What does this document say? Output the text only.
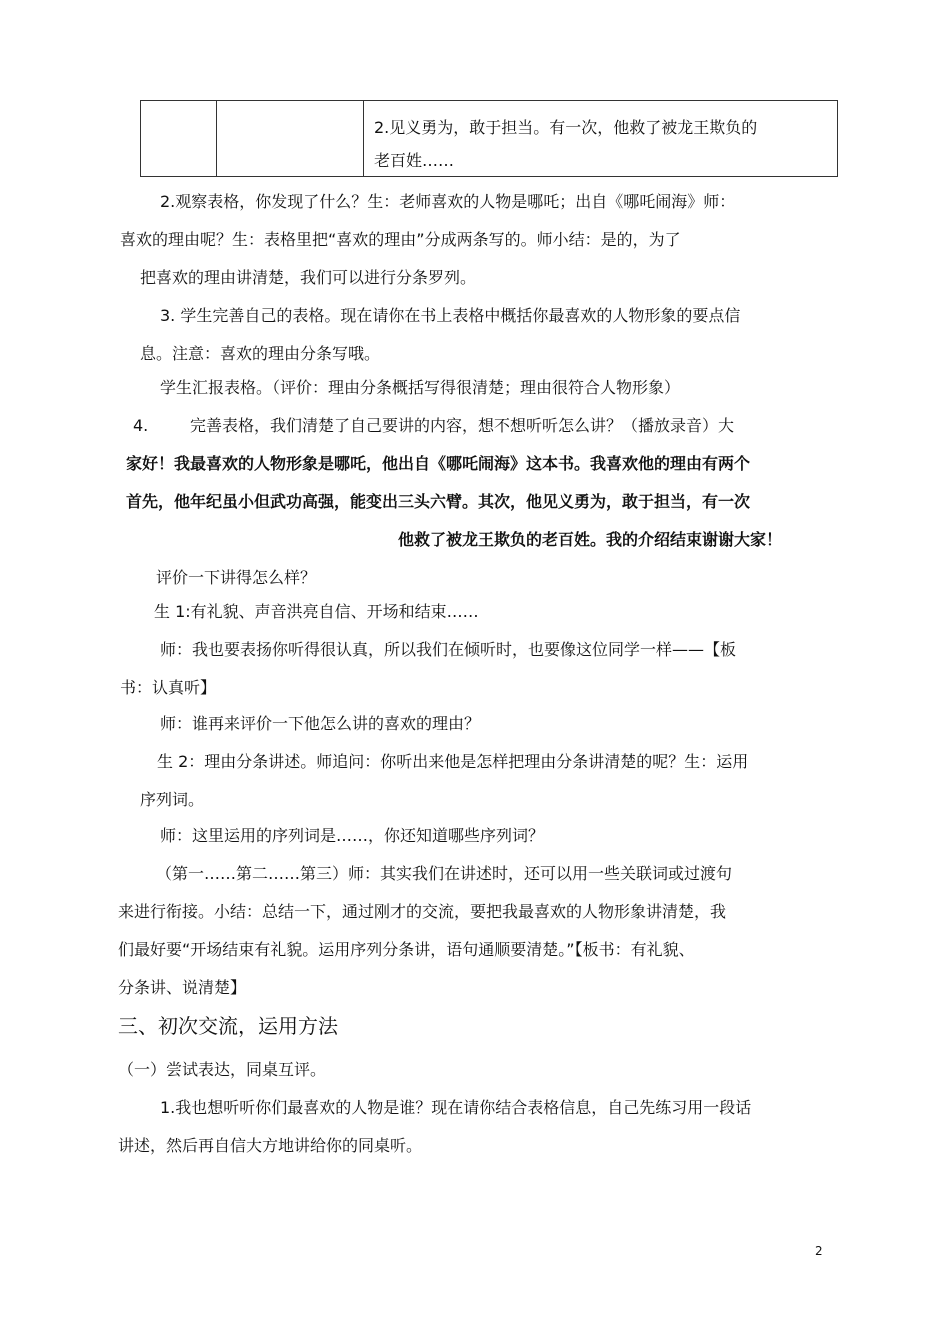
2.见义勇为，敢于担当。有一次，他救了被龙王欺负的
老百姓……
2.观察表格，你发现了什么？生：老师喜欢的人物是哪吒；出自《哪吒闹海》师：
喜欢的理由呢？生：表格里把“喜欢的理由”分成两条写的。师小结：是的，为了
把喜欢的理由讲清楚，我们可以进行分条罗列。
3. 学生完善自己的表格。现在请你在书上表格中概括你最喜欢的人物形象的要点信
息。注意：喜欢的理由分条写哦。
学生汇报表格。（评价：理由分条概括写得很清楚；理由很符合人物形象）
4.	完善表格，我们清楚了自己要讲的内容，想不想听听怎么讲？（播放录音）大
家好！我最喜欢的人物形象是哪吒，他出自《哪吒闹海》这本书。我喜欢他的理由有两个
首先，他年纪虽小但武功高强，能变出三头六臂。其次，他见义勇为，敢于担当，有一次
他救了被龙王欺负的老百姓。我的介绍结束谢谢大家！
评价一下讲得怎么样？
生 1:有礼貌、声音洪亮自信、开场和结束……
师：我也要表扬你听得很认真，所以我们在倾听时，也要像这位同学一样——【板
书：认真听】
师：谁再来评价一下他怎么讲的喜欢的理由？
生 2：理由分条讲述。师追问：你听出来他是怎样把理由分条讲清楚的呢？生：运用
序列词。
师：这里运用的序列词是……，你还知道哪些序列词？
（第一……第二……第三）师：其实我们在讲述时，还可以用一些关联词或过渡句
来进行衔接。小结：总结一下，通过刚才的交流，要把我最喜欢的人物形象讲清楚，我
们最好要“开场结束有礼貌。运用序列分条讲，语句通顺要清楚。”【板书：有礼貌、
分条讲、说清楚】
三、初次交流，运用方法
（一）尝试表达，同桌互评。
1.我也想听听你们最喜欢的人物是谁？现在请你结合表格信息，自己先练习用一段话
讲述，然后再自信大方地讲给你的同桌听。
2
